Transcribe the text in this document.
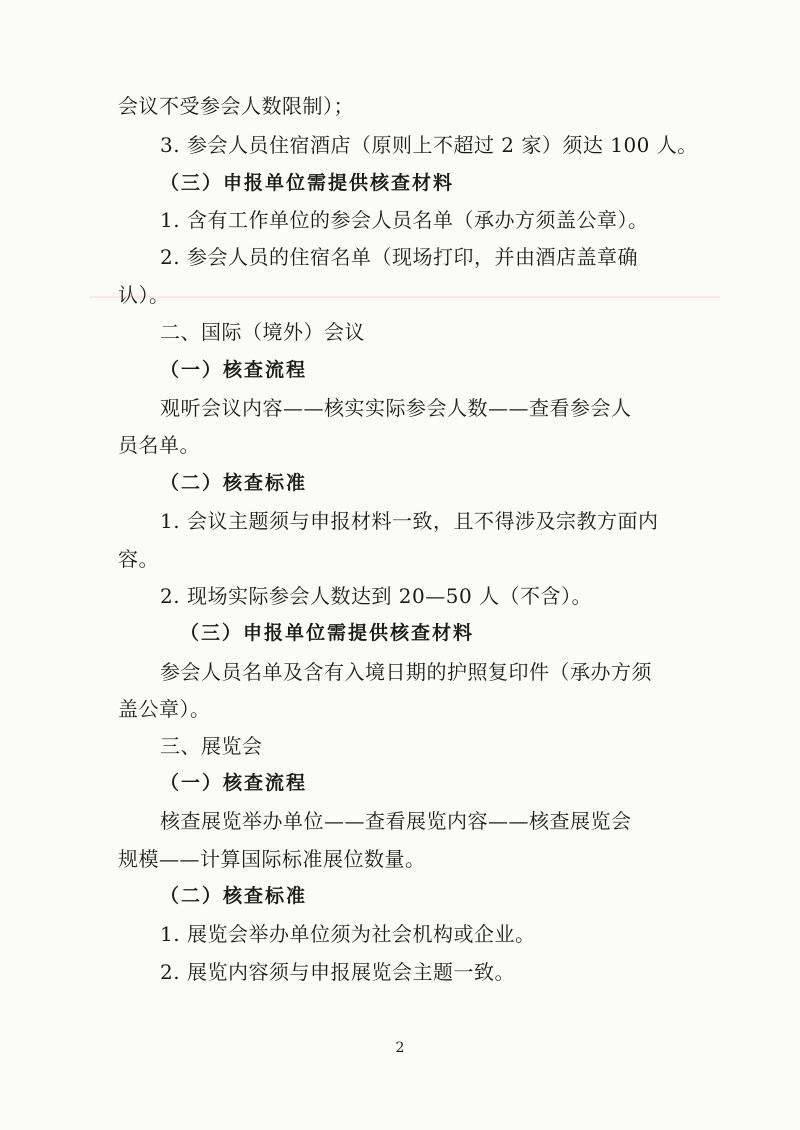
会议不受参会人数限制）；
3. 参会人员住宿酒店（原则上不超过 2 家）须达 100 人。
（三）申报单位需提供核查材料
1. 含有工作单位的参会人员名单（承办方须盖公章）。
2. 参会人员的住宿名单（现场打印，并由酒店盖章确
认）。
二、国际（境外）会议
（一）核查流程
观听会议内容——核实实际参会人数——查看参会人
员名单。
（二）核查标准
1. 会议主题须与申报材料一致，且不得涉及宗教方面内
容。
2. 现场实际参会人数达到 20—50 人（不含）。
（三）申报单位需提供核查材料
参会人员名单及含有入境日期的护照复印件（承办方须
盖公章）。
三、展览会
（一）核查流程
核查展览举办单位——查看展览内容——核查展览会
规模——计算国际标准展位数量。
（二）核查标准
1. 展览会举办单位须为社会机构或企业。
2. 展览内容须与申报展览会主题一致。
2
